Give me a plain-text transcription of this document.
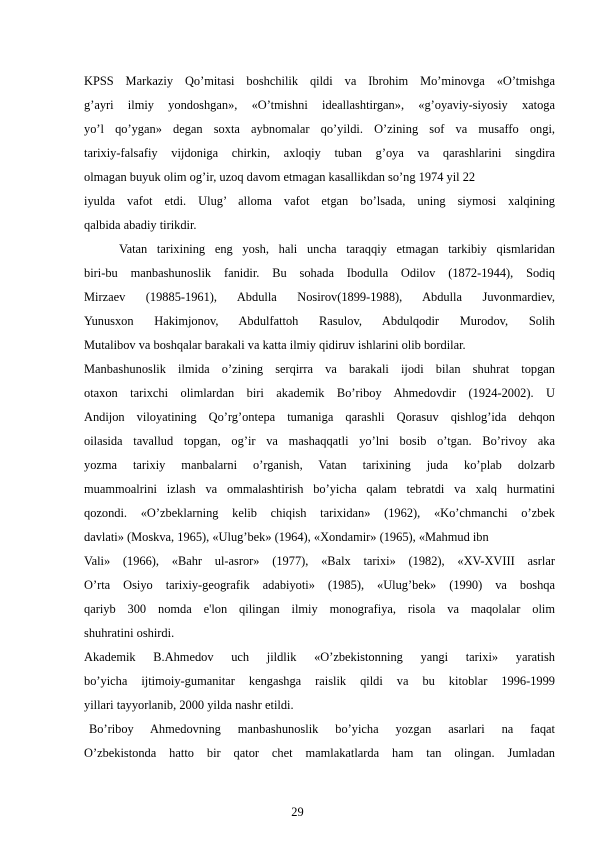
KPSS Markaziy Qo’mitasi boshchilik qildi va Ibrohim Mo’minovga «O’tmishga
g’ayri ilmiy yondoshgan», «O’tmishni ideallashtirgan», «g’oyaviy-siyosiy xatoga
yo’l qo’ygan» degan soxta aybnomalar qo’yildi. O’zining sof va musaffo ongi,
tarixiy-falsafiy vijdoniga chirkin, axloqiy tuban g’oya va qarashlarini singdira
olmagan buyuk olim og’ir, uzoq davom etmagan kasallikdan so’ng 1974 yil 22
iyulda vafot etdi. Ulug’ alloma vafot etgan bo’lsada, uning siymosi xalqining
qalbida abadiy tirikdir.
Vatan tarixining eng yosh, hali uncha taraqqiy etmagan tarkibiy qismlaridan
biri-bu manbashunoslik fanidir. Bu sohada Ibodulla Odilov (1872-1944), Sodiq
Mirzaev (19885-1961), Abdulla Nosirov(1899-1988), Abdulla Juvonmardiev,
Yunusxon Hakimjonov, Abdulfattoh Rasulov, Abdulqodir Murodov, Solih
Mutalibov va boshqalar barakali va katta ilmiy qidiruv ishlarini olib bordilar.
Manbashunoslik ilmida o’zining serqirra va barakali ijodi bilan shuhrat topgan
otaxon tarixchi olimlardan biri akademik Bo’riboy Ahmedovdir (1924-2002). U
Andijon viloyatining Qo’rg’ontepa tumaniga qarashli Qorasuv qishlog’ida dehqon
oilasida tavallud topgan, og’ir va mashaqqatli yo’lni bosib o’tgan. Bo’rivoy aka
yozma tarixiy manbalarni o’rganish, Vatan tarixining juda ko’plab dolzarb
muammoalrini izlash va ommalashtirish bo’yicha qalam tebratdi va xalq hurmatini
qozondi. «O’zbeklarning kelib chiqish tarixidan» (1962), «Ko’chmanchi o’zbek
davlati» (Moskva, 1965), «Ulug’bek» (1964), «Xondamir» (1965), «Mahmud ibn
Vali» (1966), «Bahr ul-asror» (1977), «Balx tarixi» (1982), «XV-XVIII asrlar
O’rta Osiyo tarixiy-geografik adabiyoti» (1985), «Ulug’bek» (1990) va boshqa
qariyb 300 nomda e'lon qilingan ilmiy monografiya, risola va maqolalar olim
shuhratini oshirdi.
Akademik B.Ahmedov uch jildlik «O’zbekistonning yangi tarixi» yaratish
bo’yicha ijtimoiy-gumanitar kengashga raislik qildi va bu kitoblar 1996-1999
yillari tayyorlanib, 2000 yilda nashr etildi.
Bo’riboy Ahmedovning manbashunoslik bo’yicha yozgan asarlari na faqat
O’zbekistonda hatto bir qator chet mamlakatlarda ham tan olingan. Jumladan
29
